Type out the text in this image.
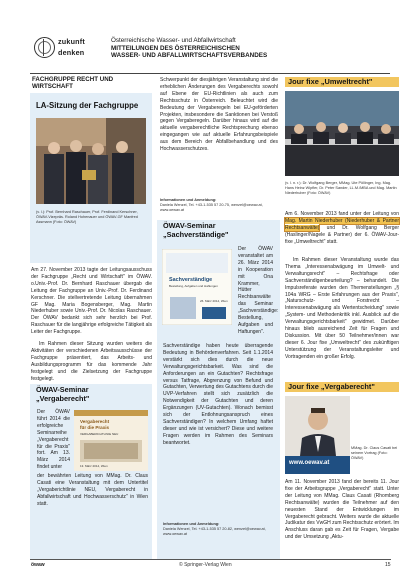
zukunft
denken
Österreichische Wasser- und Abfallwirtschaft
MITTEILUNGEN DES ÖSTERREICHISCHEN
WASSER- UND ABFALLWIRTSCHAFTSVERBANDES
FACHGRUPPE RECHT UND WIRTSCHAFT
LA-Sitzung der Fachgruppe
(v. l.): Prof. Bernhard Raschauer, Prof. Ferdinand Kerschner, ÖWAV-Vizepräs. Roland Hohenauer und ÖWAV-GF Manfred Assmann (Foto: ÖWAV)

Am 27. November 2013 tagte der Leitungsausschuss der Fachgruppe „Recht und Wirtschaft" im ÖWAV. o.Univ.-Prof. Dr. Bernhard Raschauer übergab die Leitung der Fachgruppe an Univ.-Prof. Dr. Ferdinand Kerschner. Die stellvertretende Leitung übernahmen GF Mag. Maria Bogensberger, Mag. Martin Niederhuber sowie Univ.-Prof. Dr. Nicolas Raschauer. Der ÖWAV bedankt sich sehr herzlich bei Prof. Raschauer für die langjährige erfolgreiche Tätigkeit als Leiter der Fachgruppe.

Im Rahmen dieser Sitzung wurden weiters die Aktivitäten der verschiedenen Arbeitsausschüsse der Fachgruppe präsentiert, das Arbeits- und Ausbildungsprogramm für das kommende Jahr festgelegt und die Zielsetzung der Fachgruppe festgelegt.

ÖWAV-Seminar
„Vergaberecht"

Der ÖWAV führt 2014 die erfolgreiche Seminarreihe „Vergaberecht für die Praxis" fort. Am 13. März 2014 findet unter

Vergaberecht
für die Praxis
VERGABERICHTLINIE NEU
13. März 2014, Wien

der bewährten Leitung von MMag. Dr. Claus Casati eine Veranstaltung mit dem Untertitel „Vergaberichtlinie NEU, Vergaberecht in Abfallwirtschaft und Hochwasserschutz" in Wien statt.

Schwerpunkt der diesjährigen Veranstaltung sind die erheblichen Änderungen des Vergaberechts sowohl auf Ebene der EU-Richtlinien als auch zum Rechtsschutz in Österreich. Beleuchtet wird die Bedeutung der Vergaberegeln bei EU-geförderten Projekten, insbesondere die Sanktionen bei Verstoß gegen Vergaberegeln. Darüber hinaus wird auf die aktuelle vergaberechtliche Rechtsprechung ebenso eingegangen wie auf aktuelle Erfahrungsbeispiele aus dem Bereich der Abfallbehandlung und des Hochwasserschutzes.

Informationen und Anmeldung:
Daniela Wenzel, Tel. +43-1-535 57 20-75, wenzel@oewav.at, www.oewav.at
ÖWAV-Seminar
„Sachverständige"
Sachverständige
Bestellung, Aufgaben und Haftungen
26. März 2014, Wien

Der ÖWAV veranstaltet am 26. März 2014 in Kooperation mit Ona Krammer, Hütter Rechtsanwälte das Seminar „Sachverständige: Bestellung, Aufgaben und Haftungen".

Sachverständige haben heute überragende Bedeutung in Behördenverfahren. Seit 1.1.2014 verstärkt sich dies durch die neue Verwaltungsgerichtsbarkeit. Was sind die Anforderungen an ein Gutachten? Rechtsfrage versus Tatfrage, Abgrenzung von Befund und Gutachten, Verwertung des Gutachtens durch die UVP-Verfahren stellt sich zusätzlich die Notwendigkeit der Gutachten und deren Ergänzungen (UV-Gutachten). Wonach bemisst sich der Entlohnungsanspruch eines Sachverständigen? In welchem Umfang haftet dieser und wie ist versichert? Diese und weitere Fragen werden im Rahmen des Seminars beantwortet.

Informationen und Anmeldung:
Daniela Wenzel, Tel. +43-1-535 57 20-82, wenzel@oewav.at, www.oewav.at
Jour fixe „Umweltrecht"
(v. l. n. r.): Dr. Wolfgang Berger, MMag. Ute Pöllinger, Ing. Mag. Hans Heinz Wipfler, Dr. Peter Sander, LL.M./MBA und Mag. Martin Niederhuber (Foto: ÖWAV)

Am 6. November 2013 fand unter der Leitung von Mag. Martin Niederhuber (Niederhuber & Partner Rechtsanwälte) und Dr. Wolfgang Berger (Haslinger/Nagele & Partner) der 6. ÖWAV-Jour-fixe „Umweltrecht" statt.

Im Rahmen dieser Veranstaltung wurde das Thema „Interessenabwägung im Umwelt- und Verwaltungsrecht" – Rechtsfrage oder Sachverständigenbeurteilung? – behandelt. Die Impulsreferate wurden den Themenstellungen „§ 104a WRG – Erste Erfahrungen aus der Praxis", „Naturschutz- und Forstrecht – Interessenabwägung als Wertentscheidung" sowie „System- und Methodenkritik inkl. Ausblick auf die Verwaltungsgerichtsbarkeit" gewidmet. Darüber hinaus blieb ausreichend Zeit für Fragen und Diskussion. Mit über 50 Teilnehmer/innen war dieser 6. Jour fixe „Umweltrecht" des zukünftigen Unterstützung der Veranstaltungsleiter und Vortragenden ein großer Erfolg.

Jour fixe „Vergaberecht"
www.oewav.at
MMag. Dr. Claus Casati bei seinem Vortrag (Foto: ÖWAV)

Am 11. November 2013 fand der bereits 11. Jour fixe der Arbeitsgruppe „Vergaberecht" statt. Unter der Leitung von MMag. Claus Casati (Rhomberg Rechtsanwälte) wurden die Teilnehmer auf den neuesten Stand der Entwicklungen im Vergaberecht gebracht. Weiters wurde die aktuelle Judikatur des VwGH zum Rechtsschutz erörtert. Im Anschluss daran gab es Zeit für Fragen, Vergabe und der Umsetzung „Aktu-

öwaw	© Springer-Verlag Wien	15
